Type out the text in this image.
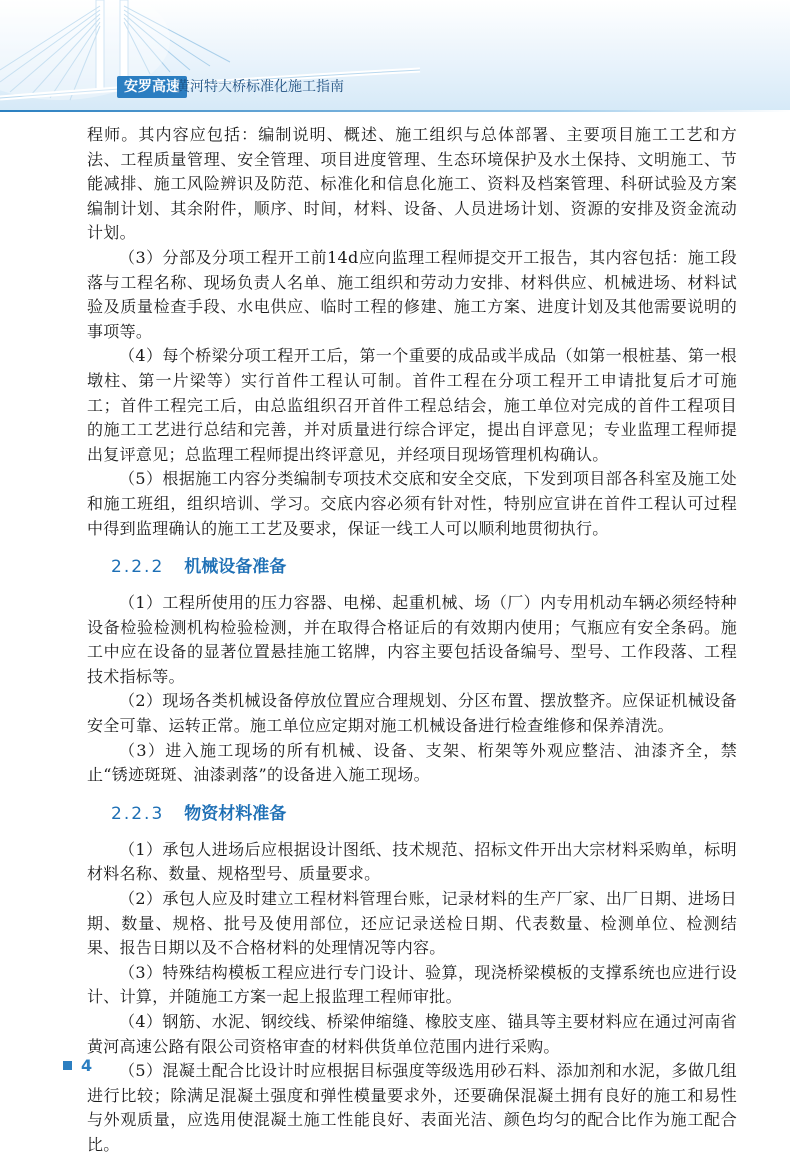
安罗高速
黄河特大桥标准化施工指南

程师。其内容应包括：编制说明、概述、施工组织与总体部署、主要项目施工工艺和方法、工程质量管理、安全管理、项目进度管理、生态环境保护及水土保持、文明施工、节能减排、施工风险辨识及防范、标准化和信息化施工、资料及档案管理、科研试验及方案编制计划、其余附件，顺序、时间，材料、设备、人员进场计划、资源的安排及资金流动计划。

（3）分部及分项工程开工前14d应向监理工程师提交开工报告，其内容包括：施工段落与工程名称、现场负责人名单、施工组织和劳动力安排、材料供应、机械进场、材料试验及质量检查手段、水电供应、临时工程的修建、施工方案、进度计划及其他需要说明的事项等。

（4）每个桥梁分项工程开工后，第一个重要的成品或半成品（如第一根桩基、第一根墩柱、第一片梁等）实行首件工程认可制。首件工程在分项工程开工申请批复后才可施工；首件工程完工后，由总监组织召开首件工程总结会，施工单位对完成的首件工程项目的施工工艺进行总结和完善，并对质量进行综合评定，提出自评意见；专业监理工程师提出复评意见；总监理工程师提出终评意见，并经项目现场管理机构确认。

（5）根据施工内容分类编制专项技术交底和安全交底，下发到项目部各科室及施工处和施工班组，组织培训、学习。交底内容必须有针对性，特别应宣讲在首件工程认可过程中得到监理确认的施工工艺及要求，保证一线工人可以顺利地贯彻执行。

2.2.2 机械设备准备

（1）工程所使用的压力容器、电梯、起重机械、场（厂）内专用机动车辆必须经特种设备检验检测机构检验检测，并在取得合格证后的有效期内使用；气瓶应有安全条码。施工中应在设备的显著位置悬挂施工铭牌，内容主要包括设备编号、型号、工作段落、工程技术指标等。

（2）现场各类机械设备停放位置应合理规划、分区布置、摆放整齐。应保证机械设备安全可靠、运转正常。施工单位应定期对施工机械设备进行检查维修和保养清洗。

（3）进入施工现场的所有机械、设备、支架、桁架等外观应整洁、油漆齐全，禁止“锈迹斑斑、油漆剥落”的设备进入施工现场。

2.2.3 物资材料准备

（1）承包人进场后应根据设计图纸、技术规范、招标文件开出大宗材料采购单，标明材料名称、数量、规格型号、质量要求。

（2）承包人应及时建立工程材料管理台账，记录材料的生产厂家、出厂日期、进场日期、数量、规格、批号及使用部位，还应记录送检日期、代表数量、检测单位、检测结果、报告日期以及不合格材料的处理情况等内容。

（3）特殊结构模板工程应进行专门设计、验算，现浇桥梁模板的支撑系统也应进行设计、计算，并随施工方案一起上报监理工程师审批。

（4）钢筋、水泥、钢绞线、桥梁伸缩缝、橡胶支座、锚具等主要材料应在通过河南省黄河高速公路有限公司资格审查的材料供货单位范围内进行采购。

（5）混凝土配合比设计时应根据目标强度等级选用砂石料、添加剂和水泥，多做几组进行比较；除满足混凝土强度和弹性模量要求外，还要确保混凝土拥有良好的施工和易性与外观质量，应选用使混凝土施工性能良好、表面光洁、颜色均匀的配合比作为施工配合比。

4
